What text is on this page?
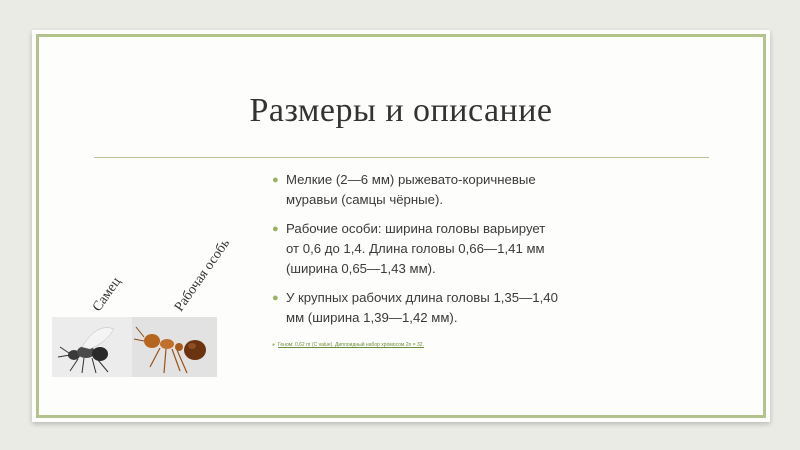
Размеры и описание
● Мелкие (2—6 мм) рыжевато-коричневые муравьи (самцы чёрные).
● Рабочие особи: ширина головы варьирует от 0,6 до 1,4. Длина головы 0,66—1,41 мм (ширина 0,65—1,43 мм).
● У крупных рабочих длина головы 1,35—1,40 мм (ширина 1,39—1,42 мм).
● Геном: 0,62 пг (C value). Диплоидный набор хромосом 2n = 32.
Самец	Рабочая особь
